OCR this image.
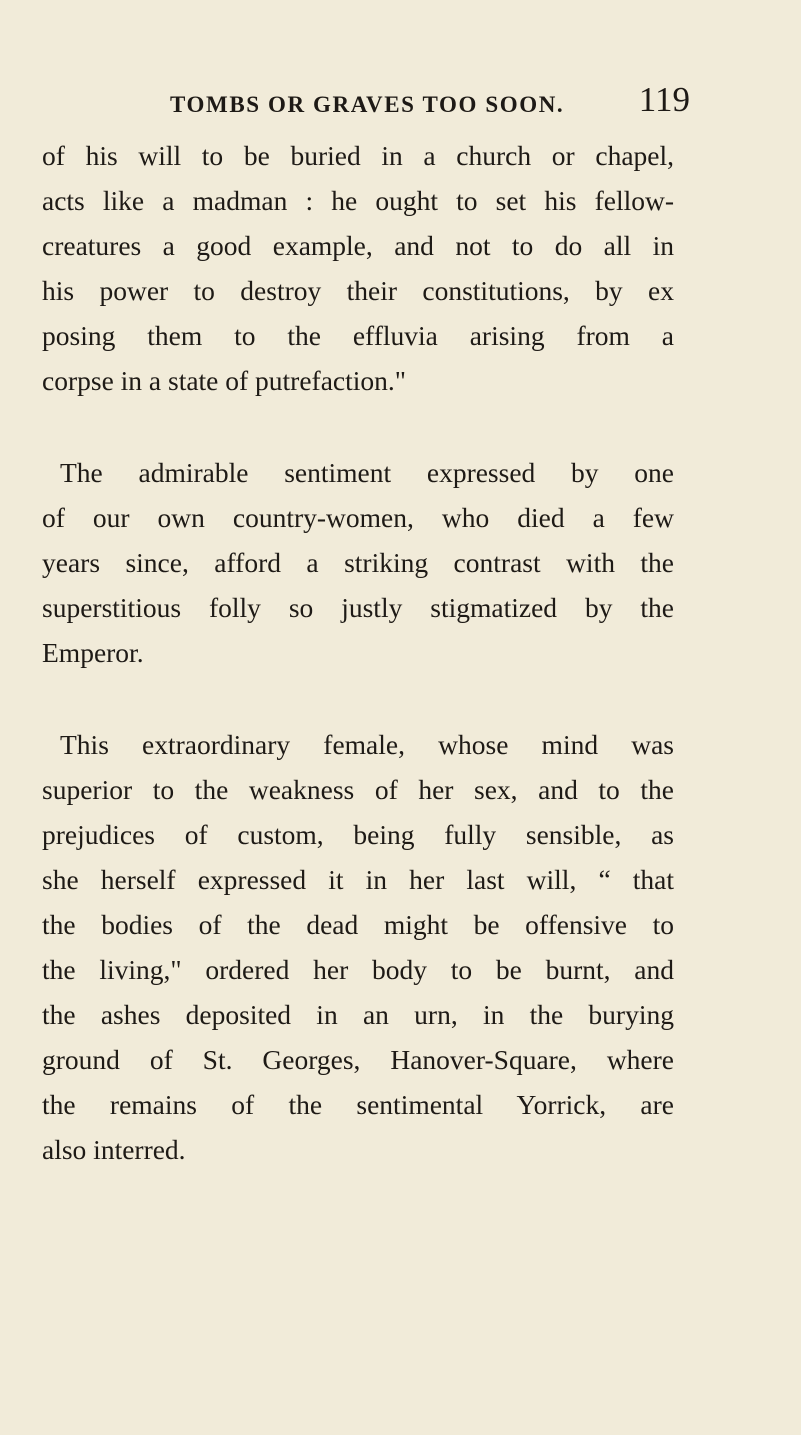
TOMBS OR GRAVES TOO SOON. 119
of his will to be buried in a church or chapel,
acts like a madman : he ought to set his fellow-
creatures a good example, and not to do all in
his power to destroy their constitutions, by ex
posing them to the effluvia arising from a
corpse in a state of putrefaction."
The admirable sentiment expressed by one
of our own country-women, who died a few
years since, afford a striking contrast with the
superstitious folly so justly stigmatized by the
Emperor.
This extraordinary female, whose mind was
superior to the weakness of her sex, and to the
prejudices of custom, being fully sensible, as
she herself expressed it in her last will, “ that
the bodies of the dead might be offensive to
the living," ordered her body to be burnt, and
the ashes deposited in an urn, in the burying
ground of St. Georges, Hanover-Square, where
the remains of the sentimental Yorrick, are
also interred.
